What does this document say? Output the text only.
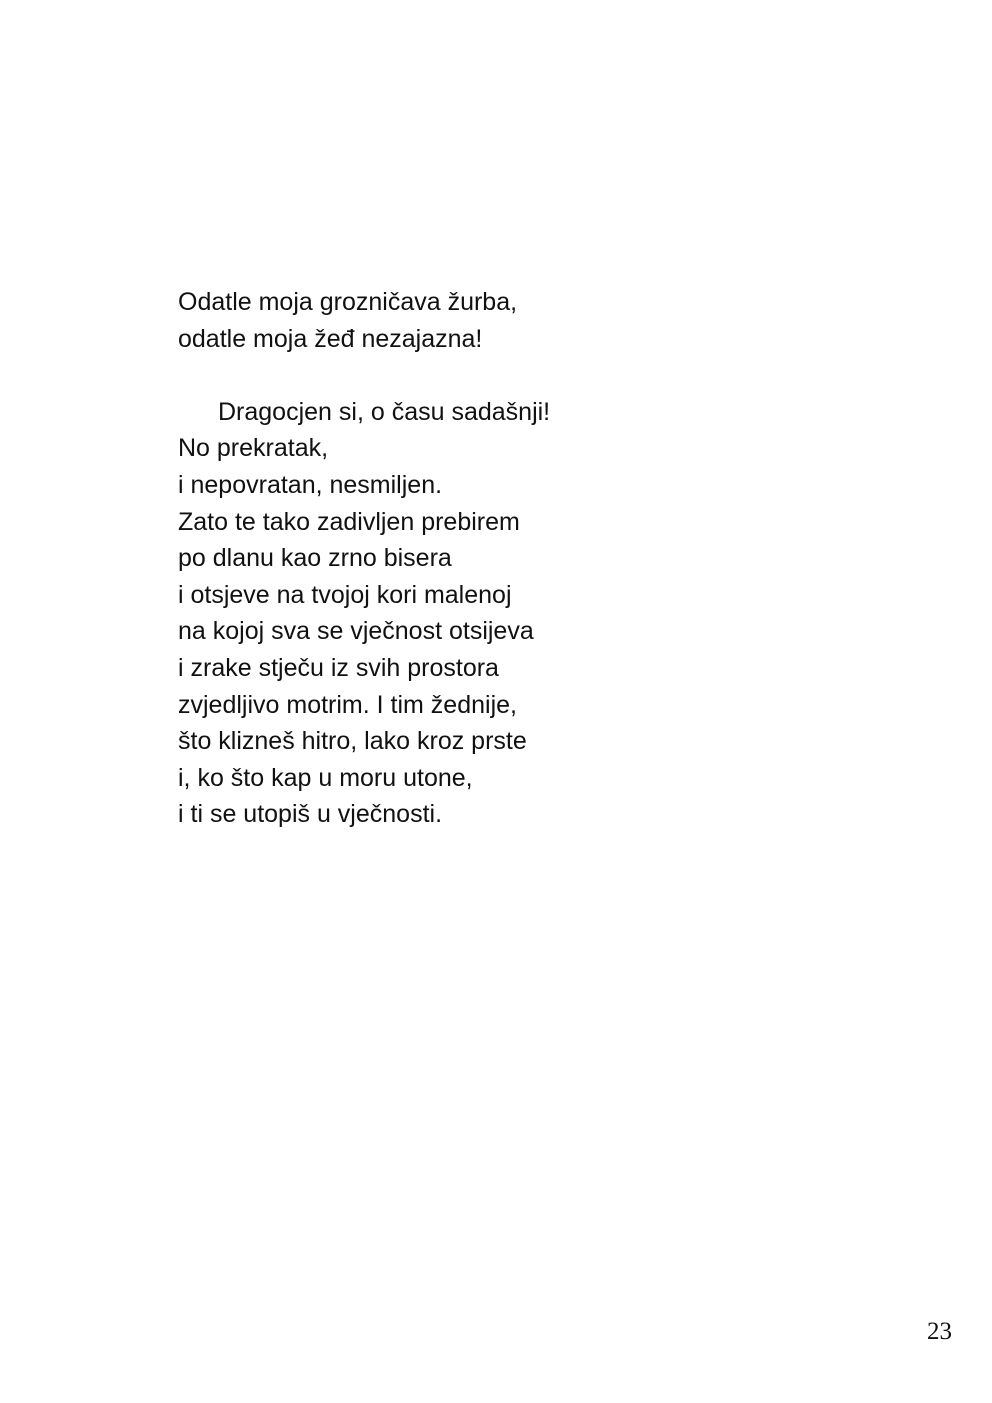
Odatle moja grozničava žurba,
odatle moja žeđ nezajazna!

Dragocjen si, o času sadašnji!
No prekratak,
i nepovratan, nesmiljen.
Zato te tako zadivljen prebirem
po dlanu kao zrno bisera
i otsjeve na tvojoj kori malenoj
na kojoj sva se vječnost otsijeva
i zrake stječu iz svih prostora
zvjedljivo motrim. I tim žednije,
što klizneš hitro, lako kroz prste
i, ko što kap u moru utone,
i ti se utopiš u vječnosti.

23
